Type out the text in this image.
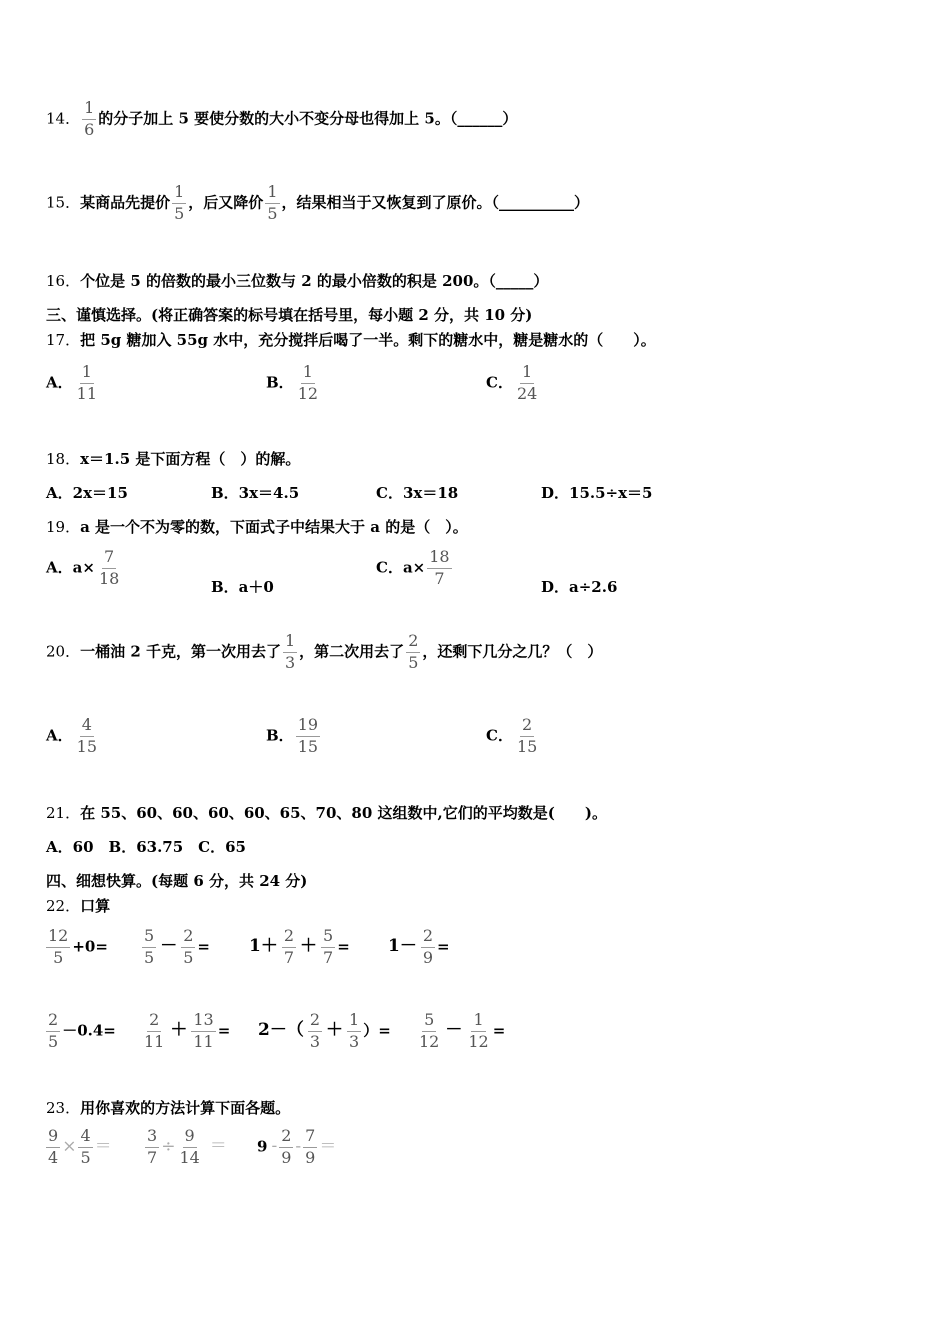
14． $\frac{1}{6}$ 的分子加上 5 要使分数的大小不变分母也得加上 5。（______）
15．某商品先提价 $\frac{1}{5}$ ，后又降价 $\frac{1}{5}$ ，结果相当于又恢复到了原价。（__________）
16．个位是 5 的倍数的最小三位数与 2 的最小倍数的积是 200。（_____）
三、谨慎选择。(将正确答案的标号填在括号里，每小题 2 分，共 10 分)
17．把 5g 糖加入 55g 水中，充分搅拌后喝了一半。剩下的糖水中，糖是糖水的（　　）。
A． $\frac{1}{11}$	B． $\frac{1}{12}$	C． $\frac{1}{24}$
18．x＝1.5 是下面方程（　）的解。
A．2x＝15	B．3x＝4.5	C．3x＝18	D．15.5÷x＝5
19．a 是一个不为零的数，下面式子中结果大于 a 的是（　）。
A．$a\times \frac{7}{18}$	B．a＋0
C．$a\times \frac{18}{7}$	D．a÷2.6
20．一桶油 2 千克，第一次用去了 $\frac{1}{3}$ ，第二次用去了 $\frac{2}{5}$ ，还剩下几分之几？（　）
A． $\frac{4}{15}$	B． $\frac{19}{15}$	C． $\frac{2}{15}$
21．在 55、60、60、60、60、65、70、80 这组数中,它们的平均数是(　　)。
A．60　B．63.75　C．65
四、细想快算。(每题 6 分，共 24 分)
22．口算
$\frac{12}{5} +0= \frac{5}{5} - \frac{2}{5} = 1+ \frac{2}{7} + \frac{5}{7} = 1- \frac{2}{9}$ =
$\frac{2}{5} -0.4= \frac{2}{11} + \frac{13}{11} = 2-( \frac{2}{3} + \frac{1}{3}$ ）= $\frac{5}{12} - \frac{1}{12}$ =
23．用你喜欢的方法计算下面各题。
$\frac{9}{4} \times \frac{4}{5} = \frac{3}{7} \div \frac{9}{14} = 9 - \frac{2}{9} - \frac{7}{9}$ ＝
